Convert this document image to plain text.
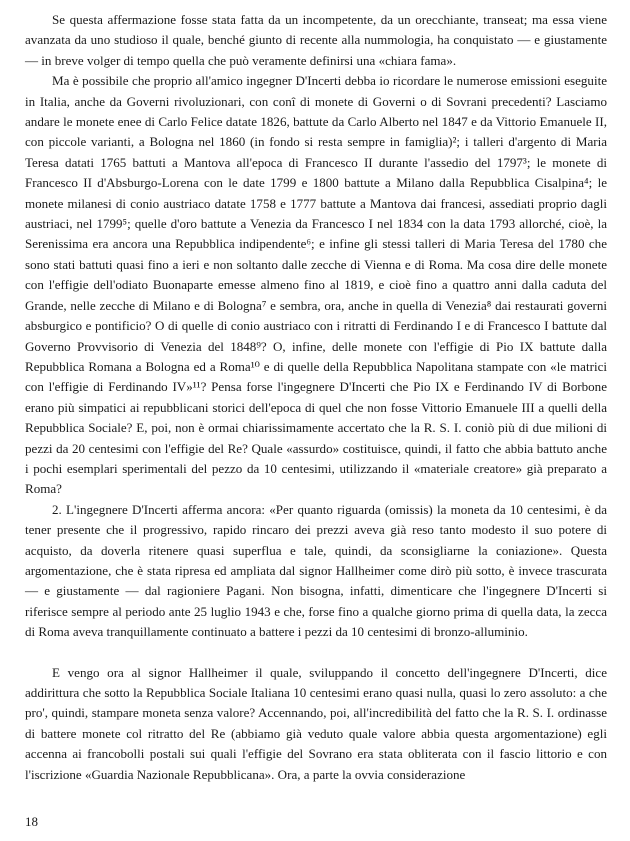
Se questa affermazione fosse stata fatta da un incompetente, da un orecchiante, transeat; ma essa viene avanzata da uno studioso il quale, benché giunto di recente alla nummologia, ha conquistato — e giustamente — in breve volger di tempo quella che può veramente definirsi una «chiara fama».

Ma è possibile che proprio all'amico ingegner D'Incerti debba io ricordare le numerose emissioni eseguite in Italia, anche da Governi rivoluzionari, con conî di monete di Governi o di Sovrani precedenti? Lasciamo andare le monete enee di Carlo Felice datate 1826, battute da Carlo Alberto nel 1847 e da Vittorio Emanuele II, con piccole varianti, a Bologna nel 1860 (in fondo si resta sempre in famiglia)²; i talleri d'argento di Maria Teresa datati 1765 battuti a Mantova all'epoca di Francesco II durante l'assedio del 1797³; le monete di Francesco II d'Absburgo-Lorena con le date 1799 e 1800 battute a Milano dalla Repubblica Cisalpina⁴; le monete milanesi di conio austriaco datate 1758 e 1777 battute a Mantova dai francesi, assediati proprio dagli austriaci, nel 1799⁵; quelle d'oro battute a Venezia da Francesco I nel 1834 con la data 1793 allorché, cioè, la Serenissima era ancora una Repubblica indipendente⁶; e infine gli stessi talleri di Maria Teresa del 1780 che sono stati battuti quasi fino a ieri e non soltanto dalle zecche di Vienna e di Roma. Ma cosa dire delle monete con l'effigie dell'odiato Buonaparte emesse almeno fino al 1819, e cioè fino a quattro anni dalla caduta del Grande, nelle zecche di Milano e di Bologna⁷ e sembra, ora, anche in quella di Venezia⁸ dai restaurati governi absburgico e pontificio? O di quelle di conio austriaco con i ritratti di Ferdinando I e di Francesco I battute dal Governo Provvisorio di Venezia del 1848⁹? O, infine, delle monete con l'effigie di Pio IX battute dalla Repubblica Romana a Bologna ed a Roma¹⁰ e di quelle della Repubblica Napolitana stampate con «le matrici con l'effigie di Ferdinando IV»¹¹? Pensa forse l'ingegnere D'Incerti che Pio IX e Ferdinando IV di Borbone erano più simpatici ai repubblicani storici dell'epoca di quel che non fosse Vittorio Emanuele III a quelli della Repubblica Sociale? E, poi, non è ormai chiarissimamente accertato che la R. S. I. coniò più di due milioni di pezzi da 20 centesimi con l'effigie del Re? Quale «assurdo» costituisce, quindi, il fatto che abbia battuto anche i pochi esemplari sperimentali del pezzo da 10 centesimi, utilizzando il «materiale creatore» già preparato a Roma?

2. L'ingegnere D'Incerti afferma ancora: «Per quanto riguarda (omissis) la moneta da 10 centesimi, è da tener presente che il progressivo, rapido rincaro dei prezzi aveva già reso tanto modesto il suo potere di acquisto, da doverla ritenere quasi superflua e tale, quindi, da sconsigliarne la coniazione». Questa argomentazione, che è stata ripresa ed ampliata dal signor Hallheimer come dirò più sotto, è invece trascurata — e giustamente — dal ragioniere Pagani. Non bisogna, infatti, dimenticare che l'ingegnere D'Incerti si riferisce sempre al periodo ante 25 luglio 1943 e che, forse fino a qualche giorno prima di quella data, la zecca di Roma aveva tranquillamente continuato a battere i pezzi da 10 centesimi di bronzo-alluminio.

E vengo ora al signor Hallheimer il quale, sviluppando il concetto dell'ingegnere D'Incerti, dice addirittura che sotto la Repubblica Sociale Italiana 10 centesimi erano quasi nulla, quasi lo zero assoluto: a che pro', quindi, stampare moneta senza valore? Accennando, poi, all'incredibilità del fatto che la R. S. I. ordinasse di battere monete col ritratto del Re (abbiamo già veduto quale valore abbia questa argomentazione) egli accenna ai francobolli postali sui quali l'effigie del Sovrano era stata obliterata con il fascio littorio e con l'iscrizione «Guardia Nazionale Repubblicana». Ora, a parte la ovvia considerazione

18
